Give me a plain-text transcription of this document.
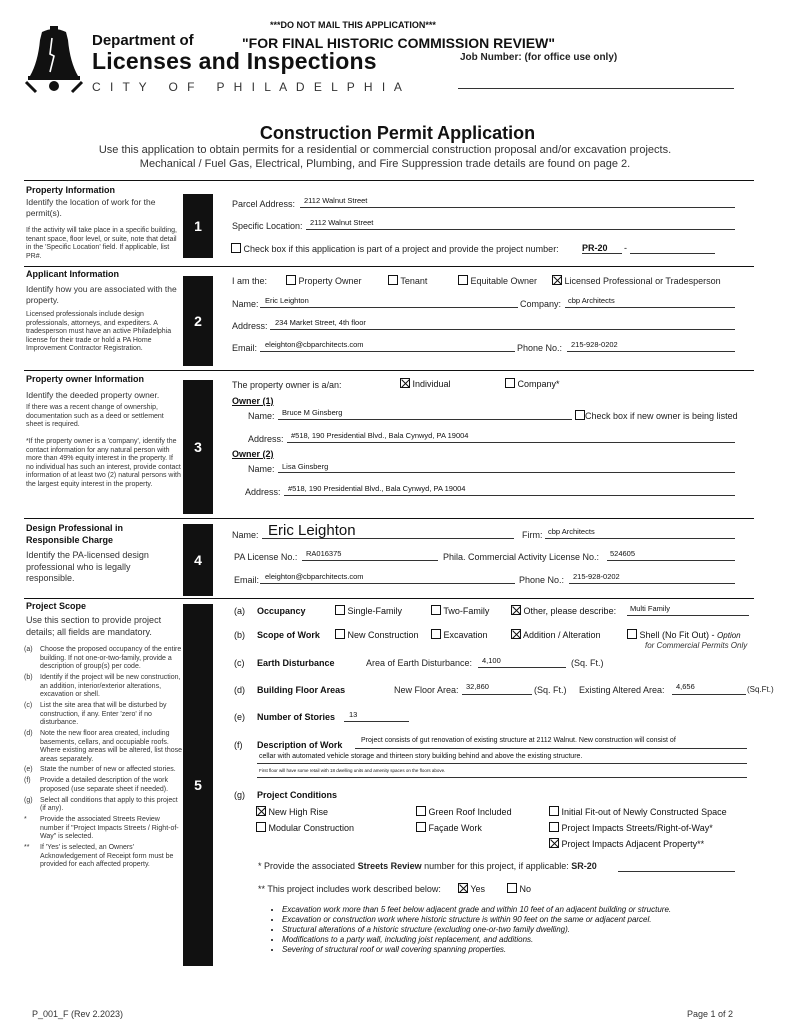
***DO NOT MAIL THIS APPLICATION***
"FOR FINAL HISTORIC COMMISSION REVIEW"
Job Number: (for office use only)
Department of
Licenses and Inspections
C I T Y   O F   P H I L A D E L P H I A
Construction Permit Application
Use this application to obtain permits for a residential or commercial construction proposal and/or excavation projects.
Mechanical / Fuel Gas, Electrical, Plumbing, and Fire Suppression trade details are found on page 2.
Property Information
Identify the location of work for the permit(s).
If the activity will take place in a specific building, tenant space, floor level, or suite, note that detail in the 'Specific Location' field. If applicable, list PR#.
1
Parcel Address: 2112 Walnut Street
Specific Location: 2112 Walnut Street
Check box if this application is part of a project and provide the project number:	PR-20	-
Applicant Information
Identify how you are associated with the property.
Licensed professionals include design professionals, attorneys, and expediters. A tradesperson must have an active Philadelphia license for their trade or hold a PA Home Improvement Contractor Registration.
2
I am the:	Property Owner	Tenant	Equitable Owner	Licensed Professional or Tradesperson
Name: Eric Leighton	Company: cbp Architects
Address: 234 Market Street, 4th floor
Email: eleighton@cbparchitects.com	Phone No.: 215-928-0202
Property owner Information
Identify the deeded property owner.
If there was a recent change of ownership, documentation such as a deed or settlement sheet is required.
*If the property owner is a 'company', identify the contact information for any natural person with more than 49% equity interest in the property. If no individual has such an interest, provide contact information of at least two (2) natural persons with the largest equity interest in the property.
3
The property owner is a/an:	Individual	Company*
Owner (1)
Name: Bruce M Ginsberg	Check box if new owner is being listed
Address: #518, 190 Presidential Blvd., Bala Cynwyd, PA 19004
Owner (2)
Name: Lisa Ginsberg
Address: #518, 190 Presidential Blvd., Bala Cynwyd, PA 19004
Design Professional in Responsible Charge
Identify the PA-licensed design professional who is legally responsible.
4
Name: Eric Leighton	Firm: cbp Architects
PA License No.: RA016375	Phila. Commercial Activity License No.: 524605
Email: eleighton@cbparchitects.com	Phone No.: 215-928-0202
Project Scope
Use this section to provide project details; all fields are mandatory.
(a)	Choose the proposed occupancy of the entire building. If not one-or-two-family, provide a description of group(s) per code.
(b)	Identify if the project will be new construction, an addition, interior/exterior alterations, excavation or shell.
(c)	List the site area that will be disturbed by construction, if any. Enter 'zero' if no disturbance.
(d)	Note the new floor area created, including basements, cellars, and occupiable roofs. Where existing areas will be altered, list those areas separately.
(e)	State the number of new or affected stories.
(f)	Provide a detailed description of the work proposed (use separate sheet if needed).
(g)	Select all conditions that apply to this project (if any).
*	Provide the associated Streets Review number if "Project Impacts Streets / Right-of-Way" is selected.
**	If 'Yes' is selected, an Owners' Acknowledgement of Receipt form must be provided for each affected property.
5
(a) Occupancy	Single-Family	Two-Family	Other, please describe: Multi Family
(b) Scope of Work	New Construction	Excavation	Addition / Alteration	Shell (No Fit Out) - Option
for Commercial Permits Only
(c) Earth Disturbance	Area of Earth Disturbance: 4,100	(Sq. Ft.)
(d) Building Floor Areas	New Floor Area: 32,860	(Sq. Ft.) Existing Altered Area: 4,656	(Sq.Ft.)
(e) Number of Stories 13
(f) Description of Work	Project consists of gut renovation of existing structure at 2112 Walnut. New construction will consist of
cellar with automated vehicle storage and thirteen story building behind and above the existing structure.
First floor will have some retail with 18 dwelling units and amenity spaces on the floors above.
(g) Project Conditions
New High Rise	Green Roof Included	Initial Fit-out of Newly Constructed Space
Modular Construction	Façade Work	Project Impacts Streets/Right-of-Way*
Project Impacts Adjacent Property**
* Provide the associated Streets Review number for this project, if applicable: SR-20
** This project includes work described below:	Yes	No
• Excavation work more than 5 feet below adjacent grade and within 10 feet of an adjacent building or structure.
• Excavation or construction work where historic structure is within 90 feet on the same or adjacent parcel.
• Structural alterations of a historic structure (excluding one-or-two family dwelling).
• Modifications to a party wall, including joist replacement, and additions.
• Severing of structural roof or wall covering spanning properties.
P_001_F (Rev 2.2023)	Page 1 of 2
